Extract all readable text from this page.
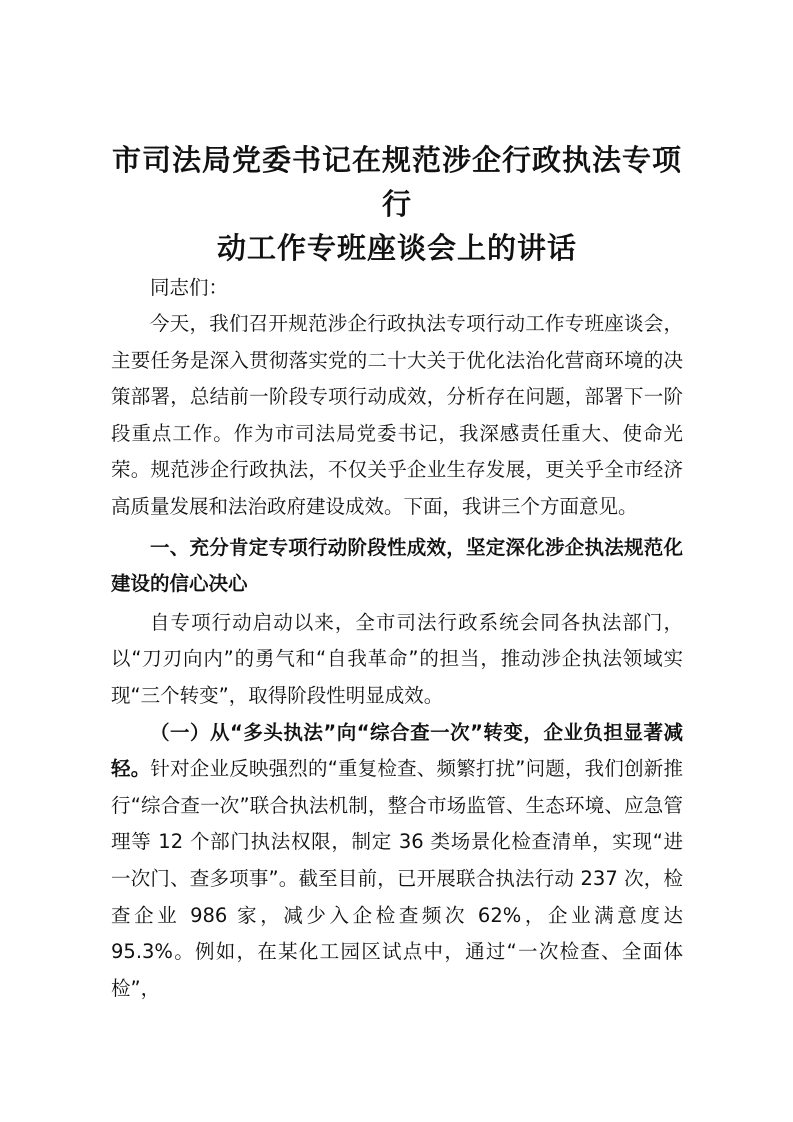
市司法局党委书记在规范涉企行政执法专项行
动工作专班座谈会上的讲话

同志们：

今天，我们召开规范涉企行政执法专项行动工作专班座谈会，主要任务是深入贯彻落实党的二十大关于优化法治化营商环境的决策部署，总结前一阶段专项行动成效，分析存在问题，部署下一阶段重点工作。作为市司法局党委书记，我深感责任重大、使命光荣。规范涉企行政执法，不仅关乎企业生存发展，更关乎全市经济高质量发展和法治政府建设成效。下面，我讲三个方面意见。

一、充分肯定专项行动阶段性成效，坚定深化涉企执法规范化建设的信心决心

自专项行动启动以来，全市司法行政系统会同各执法部门，以“刀刃向内”的勇气和“自我革命”的担当，推动涉企执法领域实现“三个转变”，取得阶段性明显成效。

（一）从“多头执法”向“综合查一次”转变，企业负担显著减轻。针对企业反映强烈的“重复检查、频繁打扰”问题，我们创新推行“综合查一次”联合执法机制，整合市场监管、生态环境、应急管理等 12 个部门执法权限，制定 36 类场景化检查清单，实现“进一次门、查多项事”。截至目前，已开展联合执法行动 237 次，检查企业 986 家，减少入企检查频次 62%，企业满意度达 95.3%。例如，在某化工园区试点中，通过“一次检查、全面体检”，
